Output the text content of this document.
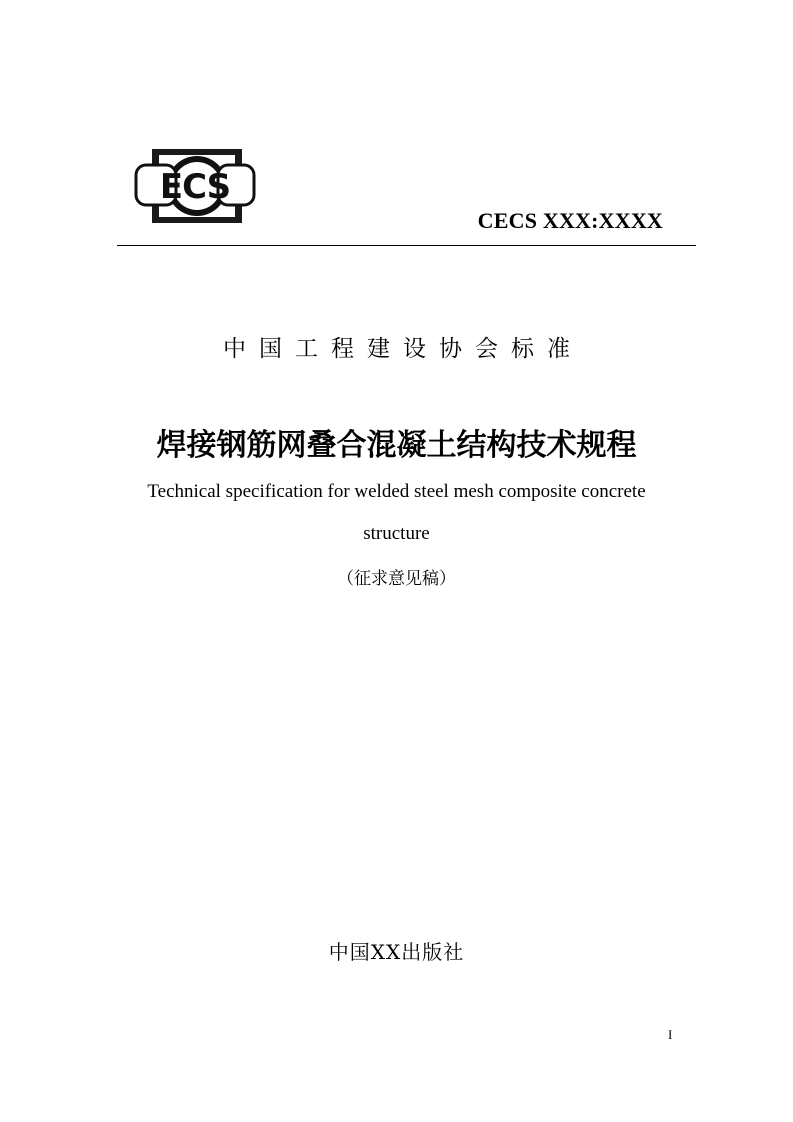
ECS
CECS XXX:XXXX
中国工程建设协会标准
焊接钢筋网叠合混凝土结构技术规程
Technical specification for welded steel mesh composite concrete
structure
（征求意见稿）
中国XX出版社
I
